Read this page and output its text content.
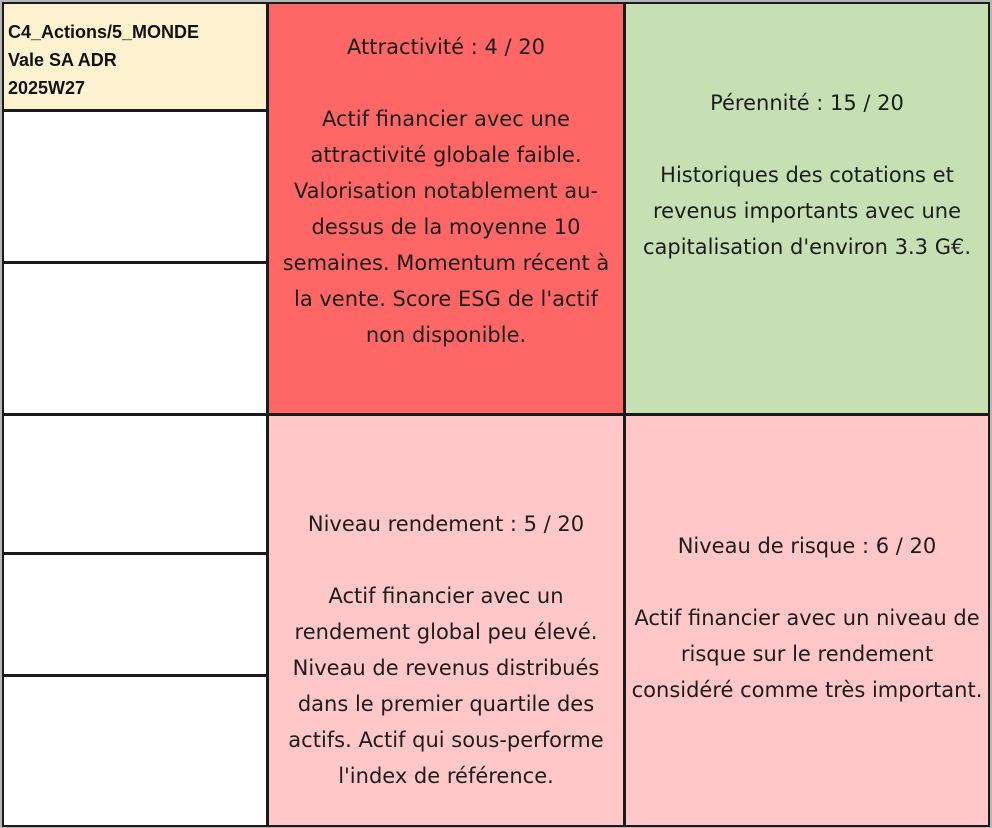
C4_Actions/5_MONDE
Vale SA ADR
2025W27
Attractivité : 4 / 20
Actif financier avec une attractivité globale faible. Valorisation notablement au-dessus de la moyenne 10 semaines. Momentum récent à la vente. Score ESG de l'actif non disponible.
Pérennité : 15 / 20
Historiques des cotations et revenus importants avec une capitalisation d'environ 3.3 G€.
Niveau rendement : 5 / 20
Actif financier avec un rendement global peu élevé. Niveau de revenus distribués dans le premier quartile des actifs. Actif qui sous-performe l'index de référence.
Niveau de risque : 6 / 20
Actif financier avec un niveau de risque sur le rendement considéré comme très important.
